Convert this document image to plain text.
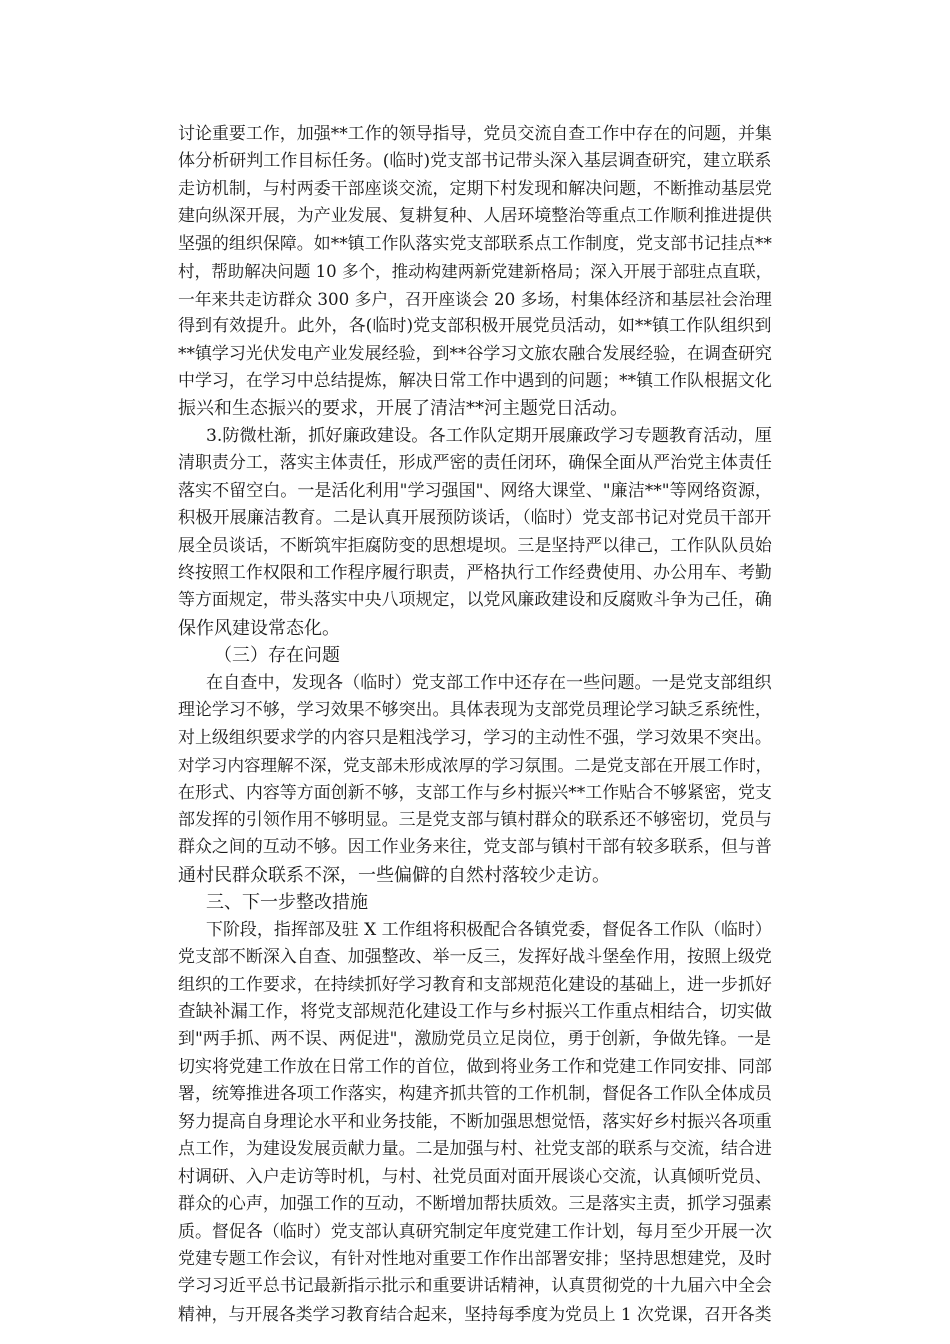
讨论重要工作，加强**工作的领导指导，党员交流自查工作中存在的问题，并集
体分析研判工作目标任务。(临时)党支部书记带头深入基层调查研究，建立联系
走访机制，与村两委干部座谈交流，定期下村发现和解决问题，不断推动基层党
建向纵深开展，为产业发展、复耕复种、人居环境整治等重点工作顺利推进提供
坚强的组织保障。如**镇工作队落实党支部联系点工作制度，党支部书记挂点**
村，帮助解决问题 10 多个，推动构建两新党建新格局；深入开展于部驻点直联，
一年来共走访群众 300 多户，召开座谈会 20 多场，村集体经济和基层社会治理
得到有效提升。此外，各(临时)党支部积极开展党员活动，如**镇工作队组织到
**镇学习光伏发电产业发展经验，到**谷学习文旅农融合发展经验，在调查研究
中学习，在学习中总结提炼，解决日常工作中遇到的问题；**镇工作队根据文化
振兴和生态振兴的要求，开展了清洁**河主题党日活动。
3.防微杜渐，抓好廉政建设。各工作队定期开展廉政学习专题教育活动，厘
清职责分工，落实主体责任，形成严密的责任闭环，确保全面从严治党主体责任
落实不留空白。一是活化利用"学习强国"、网络大课堂、"廉洁**"等网络资源，
积极开展廉洁教育。二是认真开展预防谈话，（临时）党支部书记对党员干部开
展全员谈话，不断筑牢拒腐防变的思想堤坝。三是坚持严以律己，工作队队员始
终按照工作权限和工作程序履行职责，严格执行工作经费使用、办公用车、考勤
等方面规定，带头落实中央八项规定，以党风廉政建设和反腐败斗争为己任，确
保作风建设常态化。
（三）存在问题
在自查中，发现各（临时）党支部工作中还存在一些问题。一是党支部组织
理论学习不够，学习效果不够突出。具体表现为支部党员理论学习缺乏系统性，
对上级组织要求学的内容只是粗浅学习，学习的主动性不强，学习效果不突出。
对学习内容理解不深，党支部未形成浓厚的学习氛围。二是党支部在开展工作时，
在形式、内容等方面创新不够，支部工作与乡村振兴**工作贴合不够紧密，党支
部发挥的引领作用不够明显。三是党支部与镇村群众的联系还不够密切，党员与
群众之间的互动不够。因工作业务来往，党支部与镇村干部有较多联系，但与普
通村民群众联系不深，一些偏僻的自然村落较少走访。
三、下一步整改措施
下阶段，指挥部及驻 X 工作组将积极配合各镇党委，督促各工作队（临时）
党支部不断深入自查、加强整改、举一反三，发挥好战斗堡垒作用，按照上级党
组织的工作要求，在持续抓好学习教育和支部规范化建设的基础上，进一步抓好
查缺补漏工作，将党支部规范化建设工作与乡村振兴工作重点相结合，切实做
到"两手抓、两不误、两促进"，激励党员立足岗位，勇于创新，争做先锋。一是
切实将党建工作放在日常工作的首位，做到将业务工作和党建工作同安排、同部
署，统筹推进各项工作落实，构建齐抓共管的工作机制，督促各工作队全体成员
努力提高自身理论水平和业务技能，不断加强思想觉悟，落实好乡村振兴各项重
点工作，为建设发展贡献力量。二是加强与村、社党支部的联系与交流，结合进
村调研、入户走访等时机，与村、社党员面对面开展谈心交流，认真倾听党员、
群众的心声，加强工作的互动，不断增加帮扶质效。三是落实主责，抓学习强素
质。督促各（临时）党支部认真研究制定年度党建工作计划，每月至少开展一次
党建专题工作会议，有针对性地对重要工作作出部署安排；坚持思想建党，及时
学习习近平总书记最新指示批示和重要讲话精神，认真贯彻党的十九届六中全会
精神，与开展各类学习教育结合起来，坚持每季度为党员上 1 次党课，召开各类
